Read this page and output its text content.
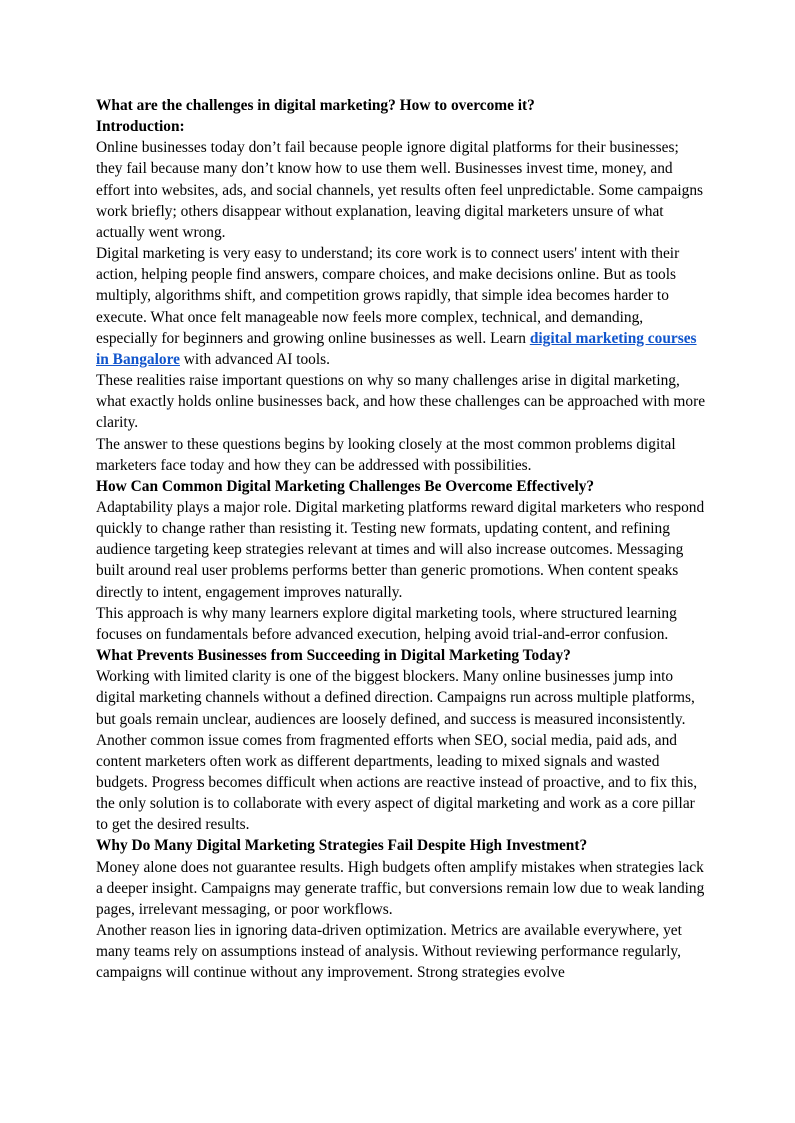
What are the challenges in digital marketing? How to overcome it?
Introduction:

Online businesses today don’t fail because people ignore digital platforms for their businesses; they fail because many don’t know how to use them well. Businesses invest time, money, and effort into websites, ads, and social channels, yet results often feel unpredictable. Some campaigns work briefly; others disappear without explanation, leaving digital marketers unsure of what actually went wrong.

Digital marketing is very easy to understand; its core work is to connect users' intent with their action, helping people find answers, compare choices, and make decisions online. But as tools multiply, algorithms shift, and competition grows rapidly, that simple idea becomes harder to execute. What once felt manageable now feels more complex, technical, and demanding, especially for beginners and growing online businesses as well. Learn digital marketing courses in Bangalore with advanced AI tools.

These realities raise important questions on why so many challenges arise in digital marketing, what exactly holds online businesses back, and how these challenges can be approached with more clarity.

The answer to these questions begins by looking closely at the most common problems digital marketers face today and how they can be addressed with possibilities.

How Can Common Digital Marketing Challenges Be Overcome Effectively?

Adaptability plays a major role. Digital marketing platforms reward digital marketers who respond quickly to change rather than resisting it. Testing new formats, updating content, and refining audience targeting keep strategies relevant at times and will also increase outcomes. Messaging built around real user problems performs better than generic promotions. When content speaks directly to intent, engagement improves naturally.

This approach is why many learners explore digital marketing tools, where structured learning focuses on fundamentals before advanced execution, helping avoid trial-and-error confusion.

What Prevents Businesses from Succeeding in Digital Marketing Today?

Working with limited clarity is one of the biggest blockers. Many online businesses jump into digital marketing channels without a defined direction. Campaigns run across multiple platforms, but goals remain unclear, audiences are loosely defined, and success is measured inconsistently.

Another common issue comes from fragmented efforts when SEO, social media, paid ads, and content marketers often work as different departments, leading to mixed signals and wasted budgets. Progress becomes difficult when actions are reactive instead of proactive, and to fix this, the only solution is to collaborate with every aspect of digital marketing and work as a core pillar to get the desired results.

Why Do Many Digital Marketing Strategies Fail Despite High Investment?

Money alone does not guarantee results. High budgets often amplify mistakes when strategies lack a deeper insight. Campaigns may generate traffic, but conversions remain low due to weak landing pages, irrelevant messaging, or poor workflows.

Another reason lies in ignoring data-driven optimization. Metrics are available everywhere, yet many teams rely on assumptions instead of analysis. Without reviewing performance regularly, campaigns will continue without any improvement. Strong strategies evolve
